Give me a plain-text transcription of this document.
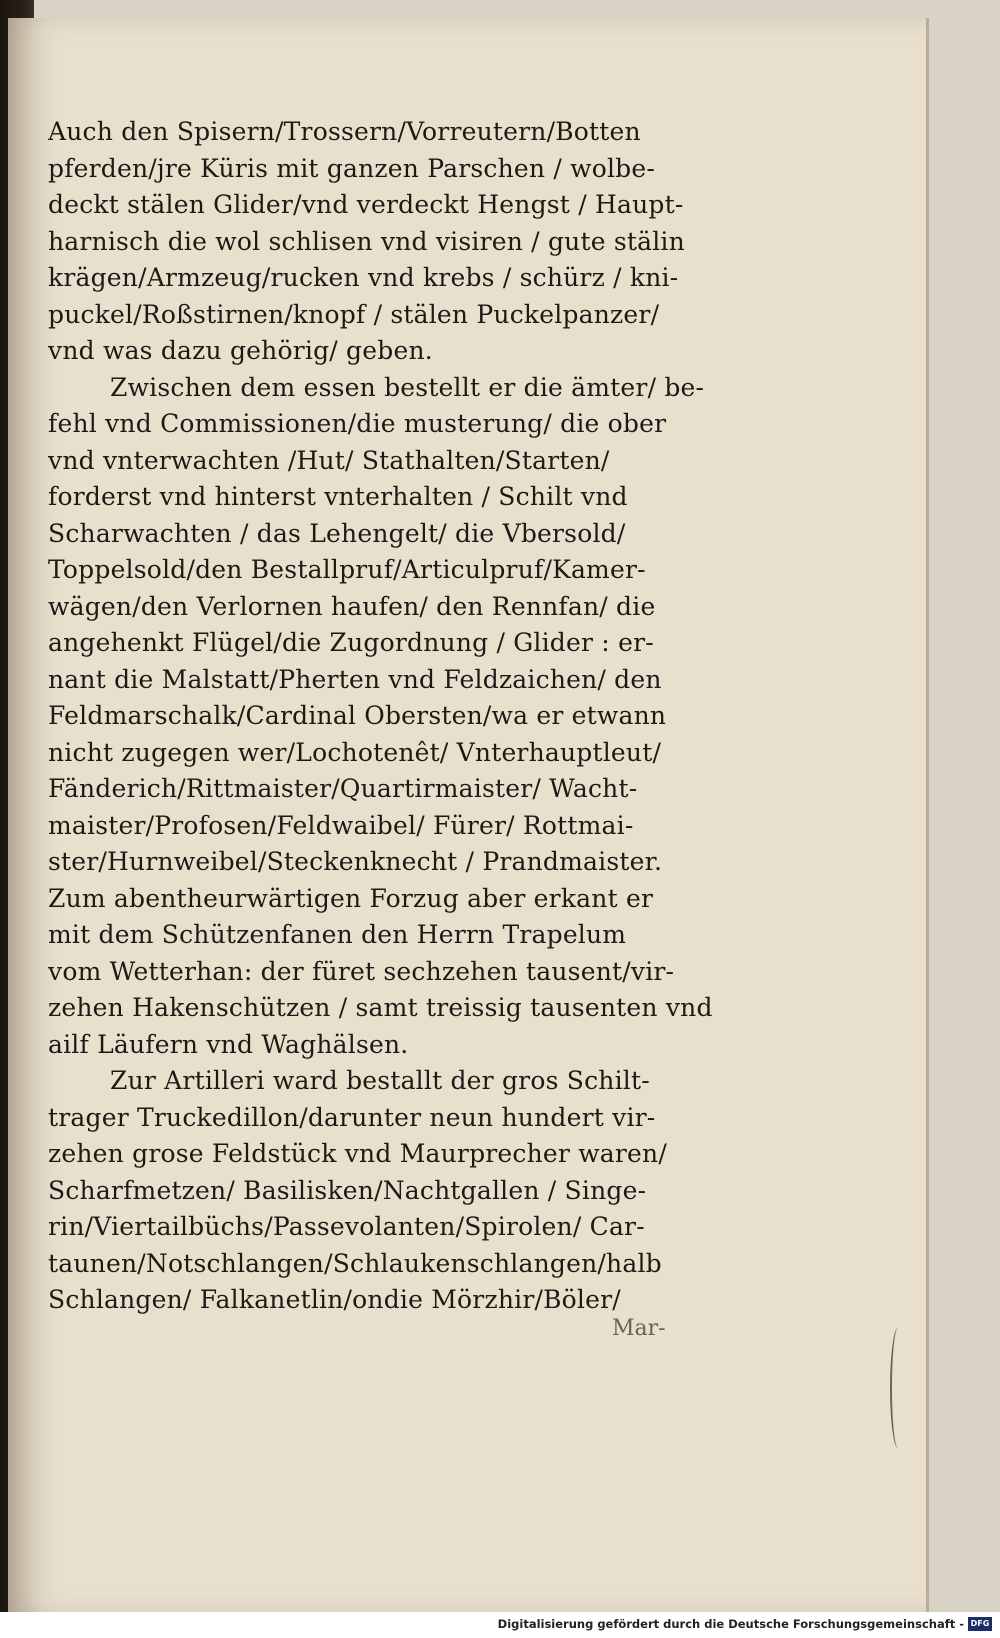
Auch den Spisern/Trossern/Vorreutern/Botten
pferden/jre Küris mit ganzen Parschen / wolbe-
deckt stälen Glider/vnd verdeckt Hengst / Haupt-
harnisch die wol schlisen vnd visiren / gute stälin
krägen/Armzeug/rucken vnd krebs / schürz / kni-
puckel/Roßstirnen/knopf / stälen Puckelpanzer/
vnd was dazu gehörig/ geben.
Zwischen dem essen bestellt er die ämter/ be-
fehl vnd Commissionen/die musterung/ die ober
vnd vnterwachten /Hut/ Stathalten/Starten/
forderst vnd hinterst vnterhalten / Schilt vnd
Scharwachten / das Lehengelt/ die Vbersold/
Toppelsold/den Bestallpruf/Articulpruf/Kamer-
wägen/den Verlornen haufen/ den Rennfan/ die
angehenkt Flügel/die Zugordnung / Glider : er-
nant die Malstatt/Pherten vnd Feldzaichen/ den
Feldmarschalk/Cardinal Obersten/wa er etwann
nicht zugegen wer/Lochotenêt/ Vnterhauptleut/
Fänderich/Rittmaister/Quartirmaister/ Wacht-
maister/Profosen/Feldwaibel/ Fürer/ Rottmai-
ster/Hurnweibel/Steckenknecht / Prandmaister.
Zum abentheurwärtigen Forzug aber erkant er
mit dem Schützenfanen den Herrn Trapelum
vom Wetterhan: der füret sechzehen tausent/vir-
zehen Hakenschützen / samt treissig tausenten vnd
ailf Läufern vnd Waghälsen.
Zur Artilleri ward bestallt der gros Schilt-
trager Truckedillon/darunter neun hundert vir-
zehen grose Feldstück vnd Maurprecher waren/
Scharfmetzen/ Basilisken/Nachtgallen / Singe-
rin/Viertailbüchs/Passevolanten/Spirolen/ Car-
taunen/Notschlangen/Schlaukenschlangen/halb
Schlangen/ Falkanetlin/ondie Mörzhir/Böler/
Mar-
Digitalisierung gefördert durch die Deutsche Forschungsgemeinschaft - DFG
